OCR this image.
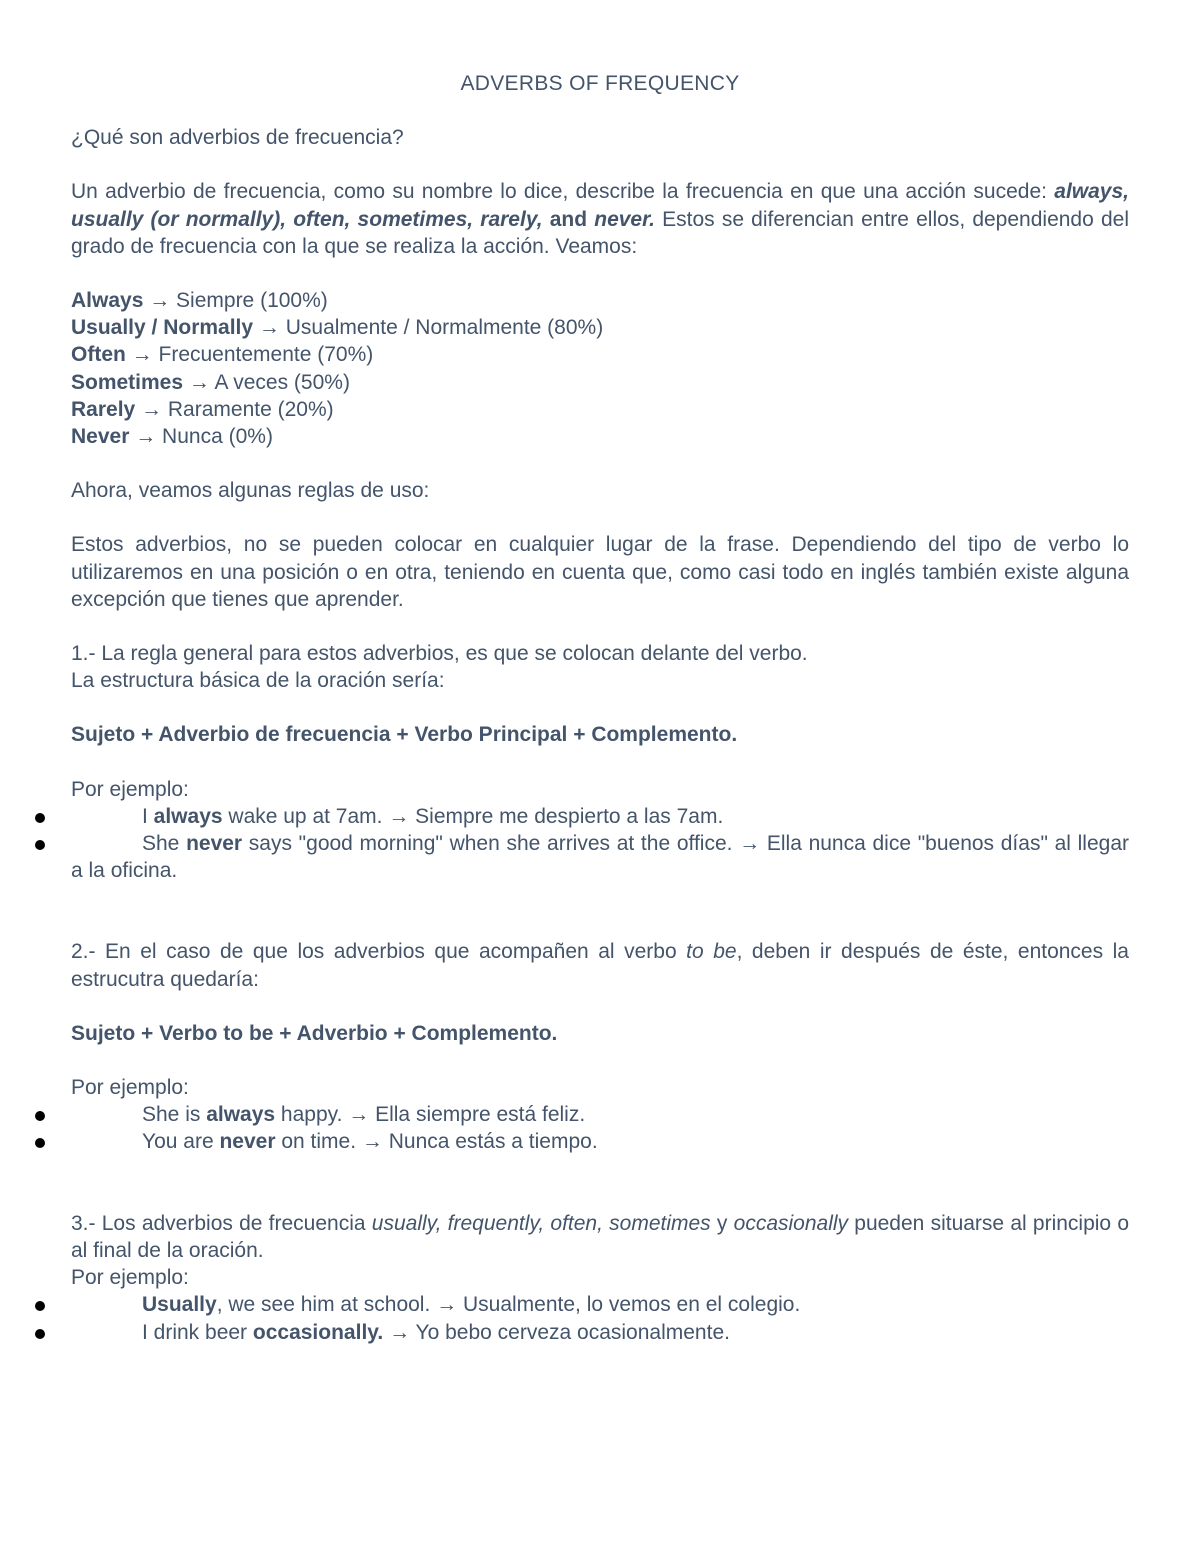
ADVERBS OF FREQUENCY

¿Qué son adverbios de frecuencia?

Un adverbio de frecuencia, como su nombre lo dice, describe la frecuencia en que una acción sucede: always, usually (or normally), often, sometimes, rarely, and never. Estos se diferencian entre ellos, dependiendo del grado de frecuencia con la que se realiza la acción. Veamos:

Always → Siempre (100%)

Usually / Normally → Usualmente / Normalmente (80%)

Often → Frecuentemente (70%)

Sometimes → A veces (50%)

Rarely → Raramente (20%)

Never → Nunca (0%)

Ahora, veamos algunas reglas de uso:

Estos adverbios, no se pueden colocar en cualquier lugar de la frase. Dependiendo del tipo de verbo lo utilizaremos en una posición o en otra, teniendo en cuenta que, como casi todo en inglés también existe alguna excepción que tienes que aprender.

1.- La regla general para estos adverbios, es que se colocan delante del verbo.

La estructura básica de la oración sería:

Sujeto + Adverbio de frecuencia + Verbo Principal + Complemento.

Por ejemplo:

I always wake up at 7am. → Siempre me despierto a las 7am.
She never says "good morning" when she arrives at the office. → Ella nunca dice "buenos días" al llegar a la oficina.

2.- En el caso de que los adverbios que acompañen al verbo to be, deben ir después de éste, entonces la estrucutra quedaría:

Sujeto + Verbo to be + Adverbio + Complemento.

Por ejemplo:

She is always happy. → Ella siempre está feliz.
You are never on time. → Nunca estás a tiempo.

3.- Los adverbios de frecuencia usually, frequently, often, sometimes y occasionally pueden situarse al principio o al final de la oración.

Por ejemplo:

Usually, we see him at school. → Usualmente, lo vemos en el colegio.
I drink beer occasionally. → Yo bebo cerveza ocasionalmente.
